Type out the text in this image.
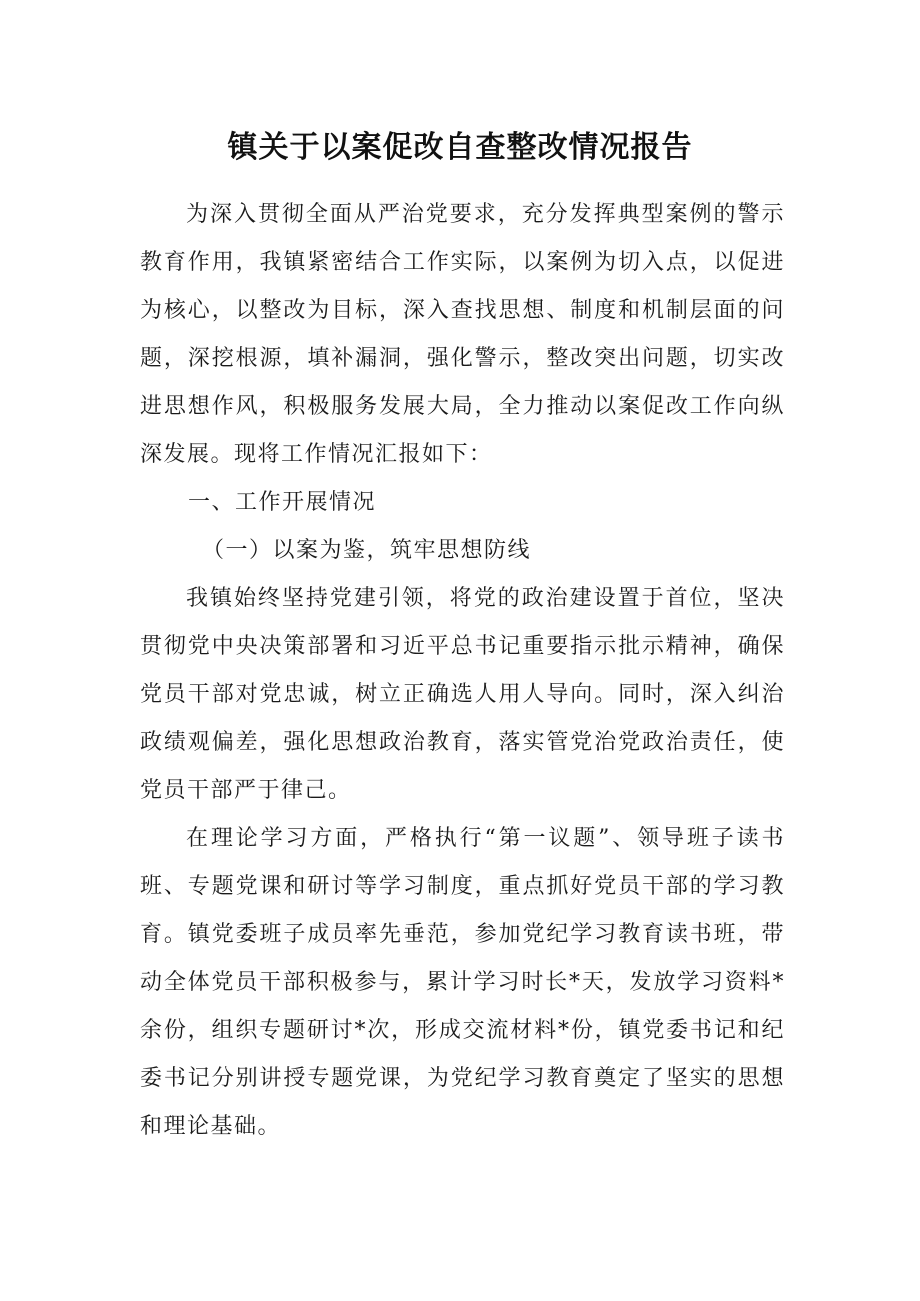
镇关于以案促改自查整改情况报告

为深入贯彻全面从严治党要求，充分发挥典型案例的警示教育作用，我镇紧密结合工作实际，以案例为切入点，以促进为核心，以整改为目标，深入查找思想、制度和机制层面的问题，深挖根源，填补漏洞，强化警示，整改突出问题，切实改进思想作风，积极服务发展大局，全力推动以案促改工作向纵深发展。现将工作情况汇报如下：

一、工作开展情况

（一）以案为鉴，筑牢思想防线

我镇始终坚持党建引领，将党的政治建设置于首位，坚决贯彻党中央决策部署和习近平总书记重要指示批示精神，确保党员干部对党忠诚，树立正确选人用人导向。同时，深入纠治政绩观偏差，强化思想政治教育，落实管党治党政治责任，使党员干部严于律己。

在理论学习方面，严格执行“第一议题”、领导班子读书班、专题党课和研讨等学习制度，重点抓好党员干部的学习教育。镇党委班子成员率先垂范，参加党纪学习教育读书班，带动全体党员干部积极参与，累计学习时长*天，发放学习资料*余份，组织专题研讨*次，形成交流材料*份，镇党委书记和纪委书记分别讲授专题党课，为党纪学习教育奠定了坚实的思想和理论基础。
